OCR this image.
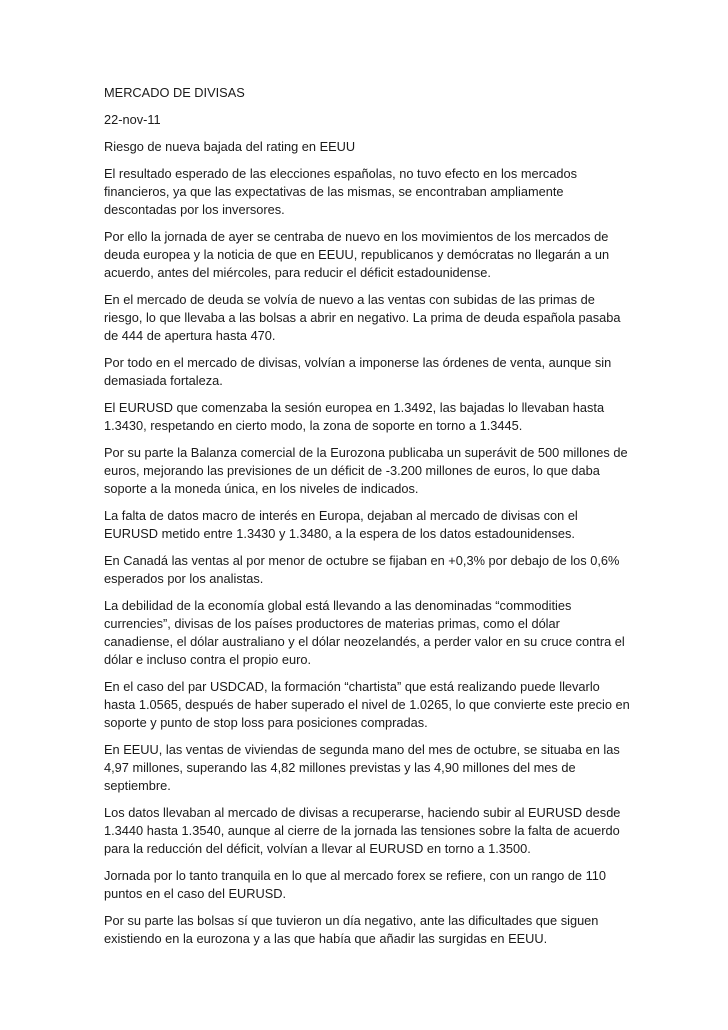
MERCADO DE DIVISAS

22-nov-11

Riesgo de nueva bajada del rating en EEUU

El resultado esperado de las elecciones españolas, no tuvo efecto en los mercados financieros, ya que las expectativas de las mismas, se encontraban ampliamente descontadas por los inversores.

Por ello la jornada de ayer se centraba de nuevo en los movimientos de los mercados de deuda europea y la noticia de que en EEUU, republicanos y demócratas no llegarán a un acuerdo, antes del miércoles, para reducir el déficit estadounidense.

En el mercado de deuda se volvía de nuevo a las ventas con subidas de las primas de riesgo, lo que llevaba a las bolsas a abrir en negativo. La prima de deuda española pasaba de 444 de apertura hasta 470.

Por todo en el mercado de divisas, volvían a imponerse las órdenes de venta, aunque sin demasiada fortaleza.

El EURUSD que comenzaba la sesión europea en 1.3492, las bajadas lo llevaban hasta 1.3430, respetando en cierto modo, la zona de soporte en torno a 1.3445.

Por su parte la Balanza comercial de la Eurozona publicaba un superávit de 500 millones de euros, mejorando las previsiones de un déficit de -3.200 millones de euros, lo que daba soporte a la moneda única, en los niveles de indicados.

La falta de datos macro de interés en Europa, dejaban al mercado de divisas con el EURUSD metido entre 1.3430 y 1.3480, a la espera de los datos estadounidenses.

En Canadá las ventas al por menor de octubre se fijaban en +0,3% por debajo de los 0,6% esperados por los analistas.

La debilidad de la economía global está llevando a las denominadas “commodities currencies”, divisas de los países productores de materias primas, como el dólar canadiense, el dólar australiano y el dólar neozelandés, a perder valor en su cruce contra el dólar e incluso contra el propio euro.

En el caso del par USDCAD, la formación “chartista” que está realizando puede llevarlo hasta 1.0565, después de haber superado el nivel de 1.0265, lo que convierte este precio en soporte y punto de stop loss para posiciones compradas.

En EEUU, las ventas de viviendas de segunda mano del mes de octubre, se situaba en las 4,97 millones, superando las 4,82 millones previstas y las 4,90 millones del mes de septiembre.

Los datos llevaban al mercado de divisas a recuperarse, haciendo subir al EURUSD desde 1.3440 hasta 1.3540, aunque al cierre de la jornada las tensiones sobre la falta de acuerdo para la reducción del déficit, volvían a llevar al EURUSD en torno a 1.3500.

Jornada por lo tanto tranquila en lo que al mercado forex se refiere, con un rango de 110 puntos en el caso del EURUSD.

Por su parte las bolsas sí que tuvieron un día negativo, ante las dificultades que siguen existiendo en la eurozona y a las que había que añadir las surgidas en EEUU.
